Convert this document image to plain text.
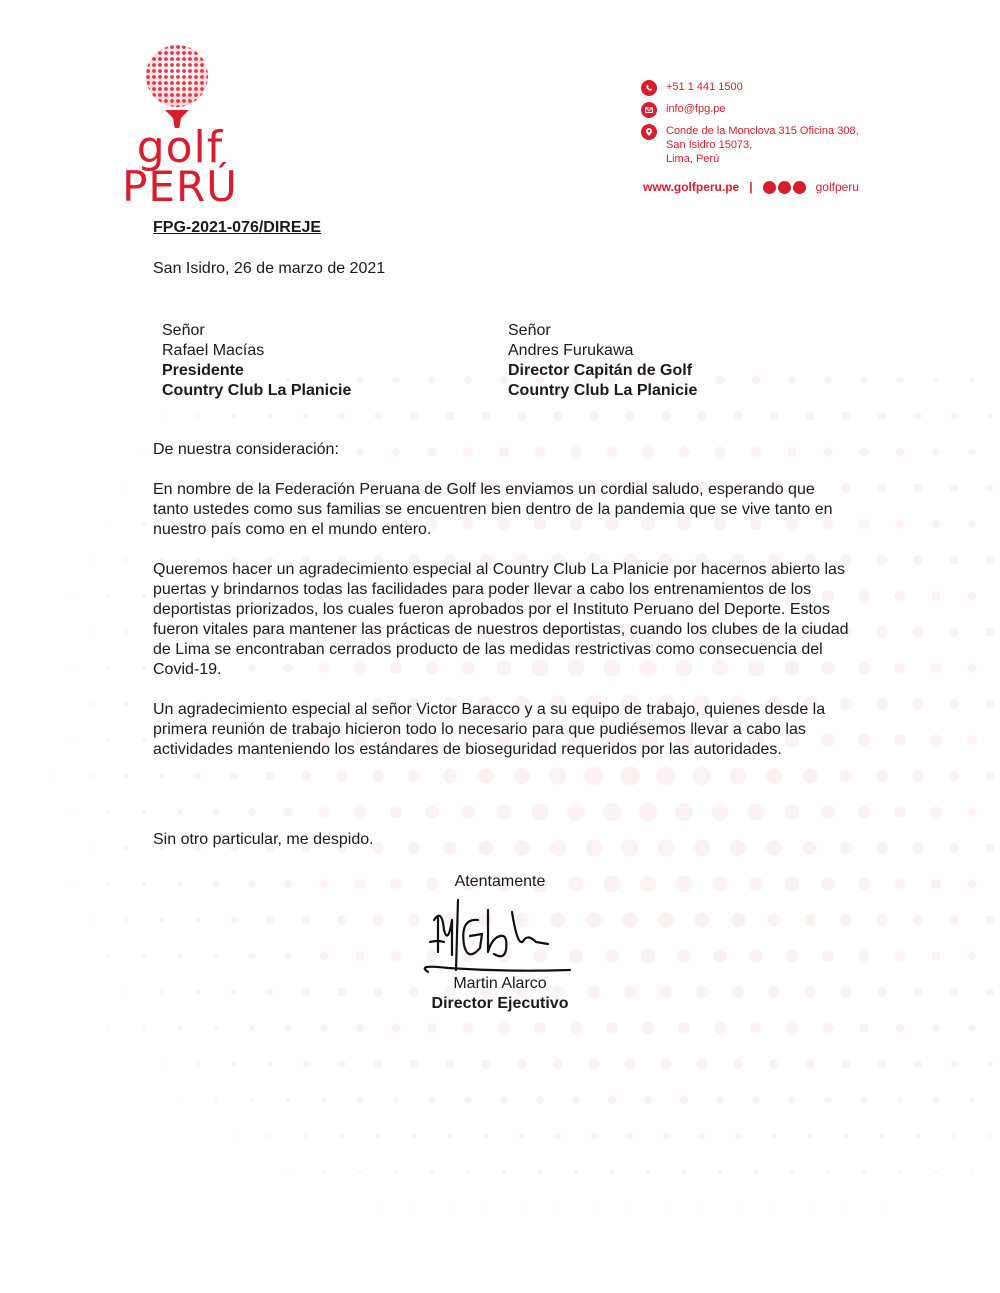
golf
PERÚ
+51 1 441 1500
info@fpg.pe
Conde de la Monclova 315 Oficina 308,
San Isidro 15073,
Lima, Perú
www.golfperu.pe |	golfperu
FPG-2021-076/DIREJE
San Isidro, 26 de marzo de 2021
Señor
Rafael Macías
Presidente
Country Club La Planicie
Señor
Andres Furukawa
Director Capitán de Golf
Country Club La Planicie

De nuestra consideración:

En nombre de la Federación Peruana de Golf les enviamos un cordial saludo, esperando que tanto ustedes como sus familias se encuentren bien dentro de la pandemia que se vive tanto en nuestro país como en el mundo entero.

Queremos hacer un agradecimiento especial al Country Club La Planicie por hacernos abierto las puertas y brindarnos todas las facilidades para poder llevar a cabo los entrenamientos de los deportistas priorizados, los cuales fueron aprobados por el Instituto Peruano del Deporte. Estos fueron vitales para mantener las prácticas de nuestros deportistas, cuando los clubes de la ciudad de Lima se encontraban cerrados producto de las medidas restrictivas como consecuencia del Covid-19.

Un agradecimiento especial al señor Victor Baracco y a su equipo de trabajo, quienes desde la primera reunión de trabajo hicieron todo lo necesario para que pudiésemos llevar a cabo las actividades manteniendo los estándares de bioseguridad requeridos por las autoridades.

Sin otro particular, me despido.
Atentamente
Martin Alarco
Director Ejecutivo
